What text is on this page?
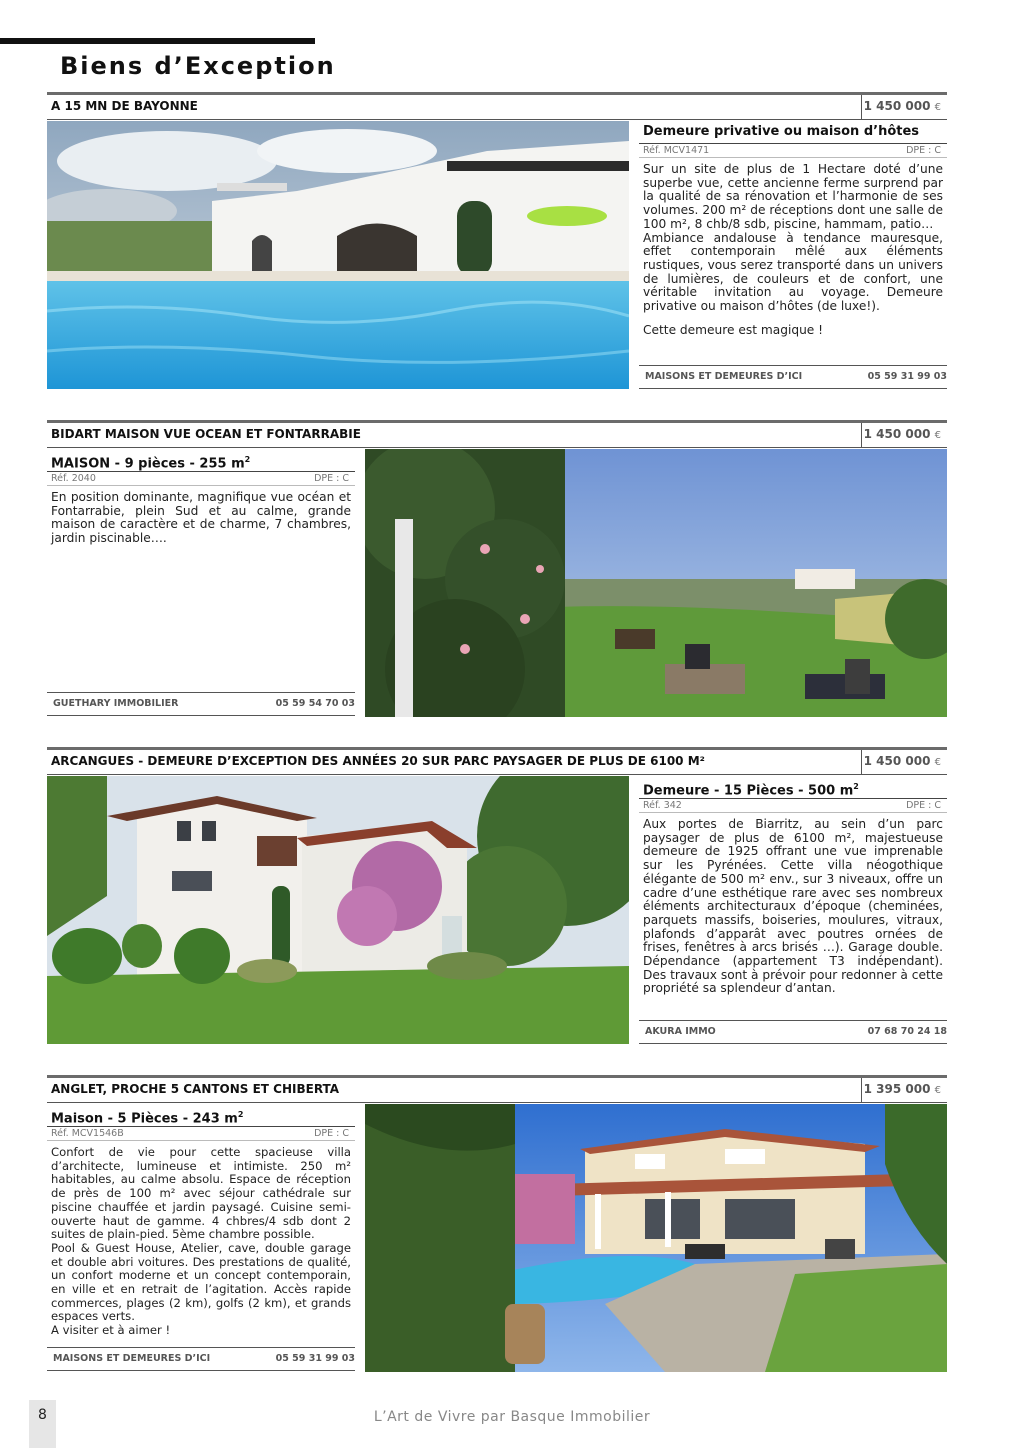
Biens d’Exception
A 15 MN DE BAYONNE	1 450 000 €
Demeure privative ou maison d’hôtes
Réf. MCV1471	DPE : C

Sur un site de plus de 1 Hectare doté d’une superbe vue, cette ancienne ferme surprend par la qualité de sa rénovation et l’harmonie de ses volumes. 200 m² de réceptions dont une salle de 100 m², 8 chb/8 sdb, piscine, hammam, patio…

Ambiance andalouse à tendance mauresque, effet contemporain mêlé aux éléments rustiques, vous serez transporté dans un univers de lumières, de couleurs et de confort, une véritable invitation au voyage. Demeure privative ou maison d’hôtes (de luxe!).

Cette demeure est magique !

MAISONS ET DEMEURES D’ICI	05 59 31 99 03
BIDART MAISON VUE OCEAN ET FONTARRABIE	1 450 000 €
MAISON - 9 pièces - 255 $m^2$
Réf. 2040	DPE : C

En position dominante, magnifique vue océan et Fontarrabie, plein Sud et au calme, grande maison de caractère et de charme, 7 chambres, jardin piscinable….

GUETHARY IMMOBILIER	05 59 54 70 03
ARCANGUES - DEMEURE D’EXCEPTION DES ANNÉES 20 SUR PARC PAYSAGER DE PLUS DE 6100 M²	1 450 000 €
Demeure - 15 Pièces - 500 $m^2$
Réf. 342	DPE : C

Aux portes de Biarritz, au sein d’un parc paysager de plus de 6100 m², majestueuse demeure de 1925 offrant une vue imprenable sur les Pyrénées. Cette villa néogothique élégante de 500 m² env., sur 3 niveaux, offre un cadre d’une esthétique rare avec ses nombreux éléments architecturaux d’époque (cheminées, parquets massifs, boiseries, moulures, vitraux, plafonds d’apparât avec poutres ornées de frises, fenêtres à arcs brisés …). Garage double. Dépendance (appartement T3 indépendant). Des travaux sont à prévoir pour redonner à cette propriété sa splendeur d’antan.

AKURA IMMO	07 68 70 24 18
ANGLET, PROCHE 5 CANTONS ET CHIBERTA	1 395 000 €
Maison - 5 Pièces - 243 $m^2$
Réf. MCV1546B	DPE : C

Confort de vie pour cette spacieuse villa d’architecte, lumineuse et intimiste. 250 m² habitables, au calme absolu. Espace de réception de près de 100 m² avec séjour cathédrale sur piscine chauffée et jardin paysagé. Cuisine semi-ouverte haut de gamme. 4 chbres/4 sdb dont 2 suites de plain-pied. 5ème chambre possible.

Pool & Guest House, Atelier, cave, double garage et double abri voitures. Des prestations de qualité, un confort moderne et un concept contemporain, en ville et en retrait de l’agitation. Accès rapide commerces, plages (2 km), golfs (2 km), et grands espaces verts.

A visiter et à aimer !

MAISONS ET DEMEURES D’ICI	05 59 31 99 03
8	L’Art de Vivre par Basque Immobilier
